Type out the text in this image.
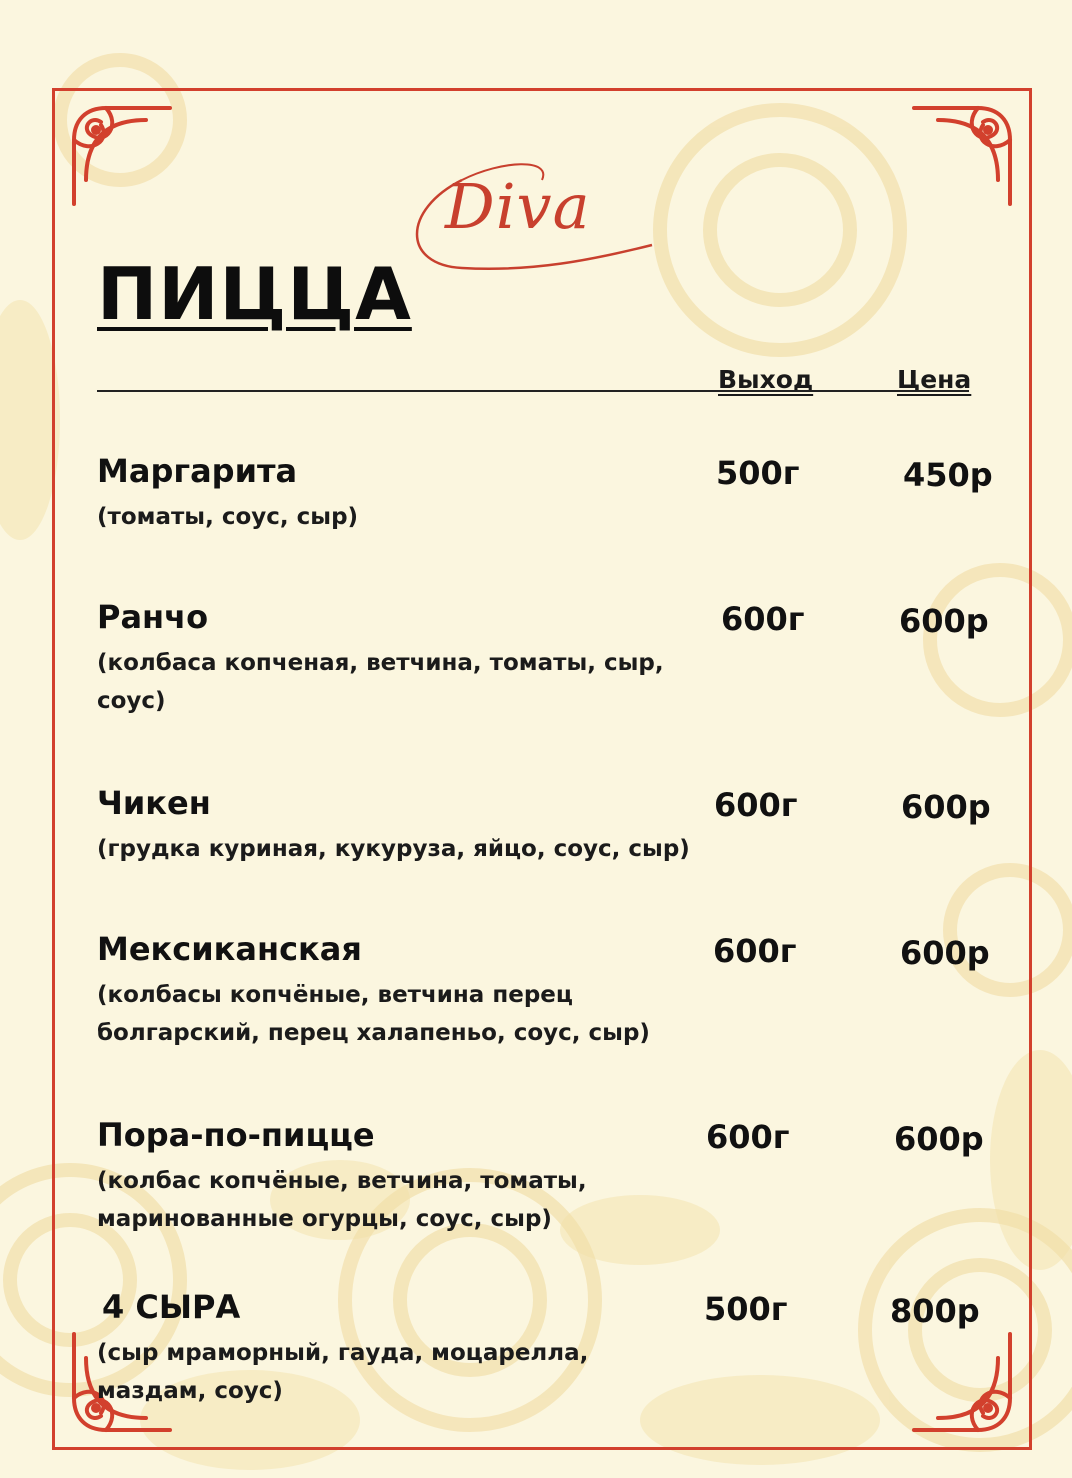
Diva
ПИЦЦА
Выход	Цена
Маргарита
(томаты, соус, сыр)
500г	450р
Ранчо
(колбаса копченая, ветчина, томаты, сыр, соус)
600г	600р
Чикен
(грудка куриная, кукуруза, яйцо, соус, сыр)
600г	600р
Мексиканская
(колбасы копчёные, ветчина перец болгарский, перец халапеньо, соус, сыр)
600г	600р
Пора-по-пицце
(колбас копчёные, ветчина, томаты, маринованные огурцы, соус, сыр)
600г	600р
4 СЫРА
(сыр мраморный, гауда, моцарелла, маздам, соус)
500г	800р
